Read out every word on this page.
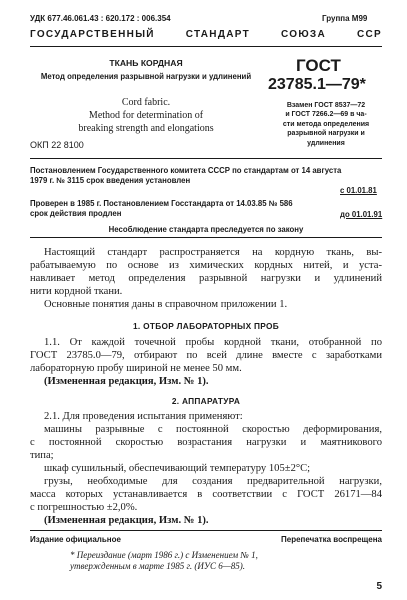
УДК 677.46.061.43 : 620.172 : 006.354	Группа М99
ГОСУДАРСТВЕННЫЙ СТАНДАРТ СОЮЗА ССР
ТКАНЬ КОРДНАЯ
Метод определения разрывной нагрузки и удлинений
Cord fabric.
Method for determination of
breaking strength and elongations
ОКП 22 8100
ГОСТ
23785.1—79*
Взамен ГОСТ 8537—72
и ГОСТ 7266.2—69 в ча-
сти метода определения
разрывной нагрузки и
удлинения
Постановлением Государственного комитета СССР по стандартам от 14 августа
1979 г. № 3115 срок введения установлен
с 01.01.81
Проверен в 1985 г. Постановлением Госстандарта от 14.03.85 № 586
срок действия продлен	до 01.01.91
Несоблюдение стандарта преследуется по закону
Настоящий стандарт распространяется на кордную ткань, вы-
рабатываемую по основе из химических кордных нитей, и уста-
навливает метод определения разрывной нагрузки и удлинений
нити кордной ткани.
Основные понятия даны в справочном приложении 1.
1. ОТБОР ЛАБОРАТОРНЫХ ПРОБ
1.1. От каждой точечной пробы кордной ткани, отобранной по
ГОСТ 23785.0—79, отбирают по всей длине вместе с заработками
лабораторную пробу шириной не менее 50 мм.
(Измененная редакция, Изм. № 1).
2. АППАРАТУРА
2.1. Для проведения испытания применяют:
машины разрывные с постоянной скоростью деформирования,
с постоянной скоростью возрастания нагрузки и маятникового
типа;
шкаф сушильный, обеспечивающий температуру 105±2°С;
грузы, необходимые для создания предварительной нагрузки,
масса которых устанавливается в соответствии с ГОСТ 26171—84
с погрешностью ±2,0%.
(Измененная редакция, Изм. № 1).
Издание официальное	Перепечатка воспрещена
* Переиздание (март 1986 г.) с Изменением № 1,
утвержденным в марте 1985 г. (ИУС 6—85).
5
